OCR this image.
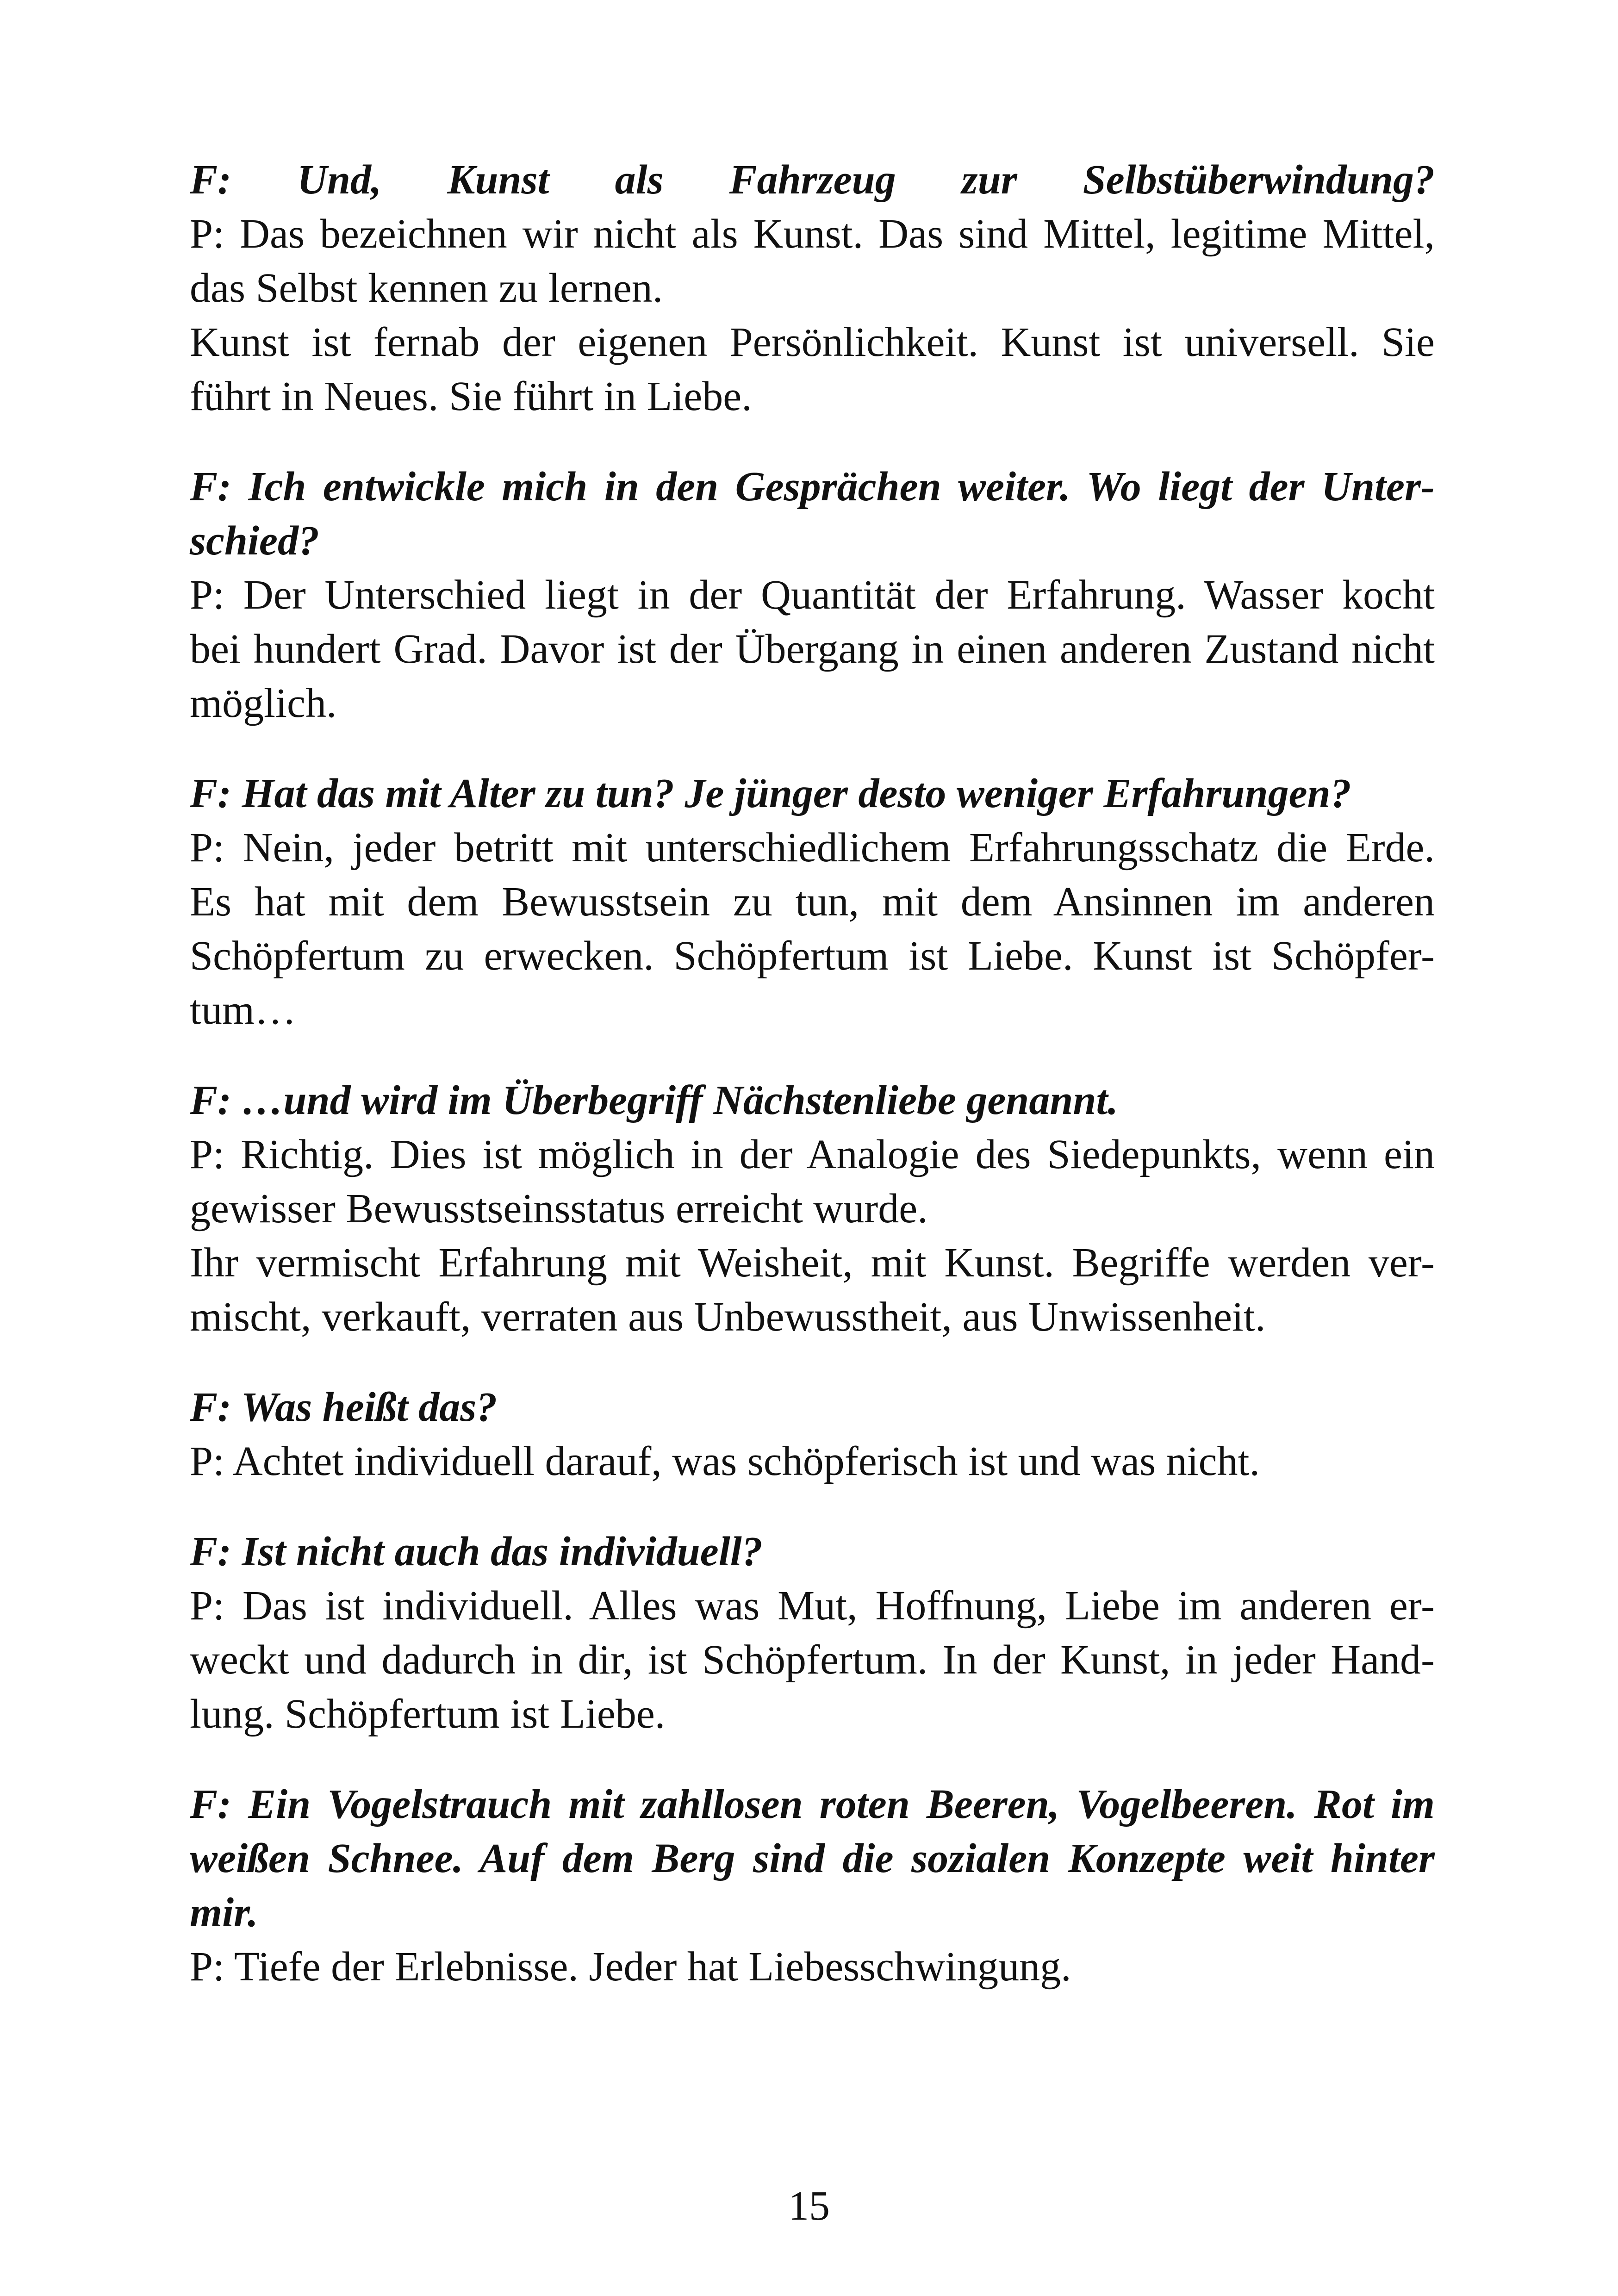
F: Und, Kunst als Fahrzeug zur Selbstüberwindung?
P: Das bezeichnen wir nicht als Kunst. Das sind Mittel, legitime Mittel,
das Selbst kennen zu lernen.
Kunst ist fernab der eigenen Persönlichkeit. Kunst ist universell. Sie
führt in Neues. Sie führt in Liebe.
F: Ich entwickle mich in den Gesprächen weiter. Wo liegt der Unter-
schied?
P: Der Unterschied liegt in der Quantität der Erfahrung. Wasser kocht
bei hundert Grad. Davor ist der Übergang in einen anderen Zustand nicht
möglich.
F: Hat das mit Alter zu tun? Je jünger desto weniger Erfahrungen?
P: Nein, jeder betritt mit unterschiedlichem Erfahrungsschatz die Erde.
Es hat mit dem Bewusstsein zu tun, mit dem Ansinnen im anderen
Schöpfertum zu erwecken. Schöpfertum ist Liebe. Kunst ist Schöpfer-
tum…
F: …und wird im Überbegriff Nächstenliebe genannt.
P: Richtig. Dies ist möglich in der Analogie des Siedepunkts, wenn ein
gewisser Bewusstseinsstatus erreicht wurde.
Ihr vermischt Erfahrung mit Weisheit, mit Kunst. Begriffe werden ver-
mischt, verkauft, verraten aus Unbewusstheit, aus Unwissenheit.
F: Was heißt das?
P: Achtet individuell darauf, was schöpferisch ist und was nicht.
F: Ist nicht auch das individuell?
P: Das ist individuell. Alles was Mut, Hoffnung, Liebe im anderen er-
weckt und dadurch in dir, ist Schöpfertum. In der Kunst, in jeder Hand-
lung. Schöpfertum ist Liebe.
F: Ein Vogelstrauch mit zahllosen roten Beeren, Vogelbeeren. Rot im
weißen Schnee. Auf dem Berg sind die sozialen Konzepte weit hinter
mir.
P: Tiefe der Erlebnisse. Jeder hat Liebesschwingung.
15
